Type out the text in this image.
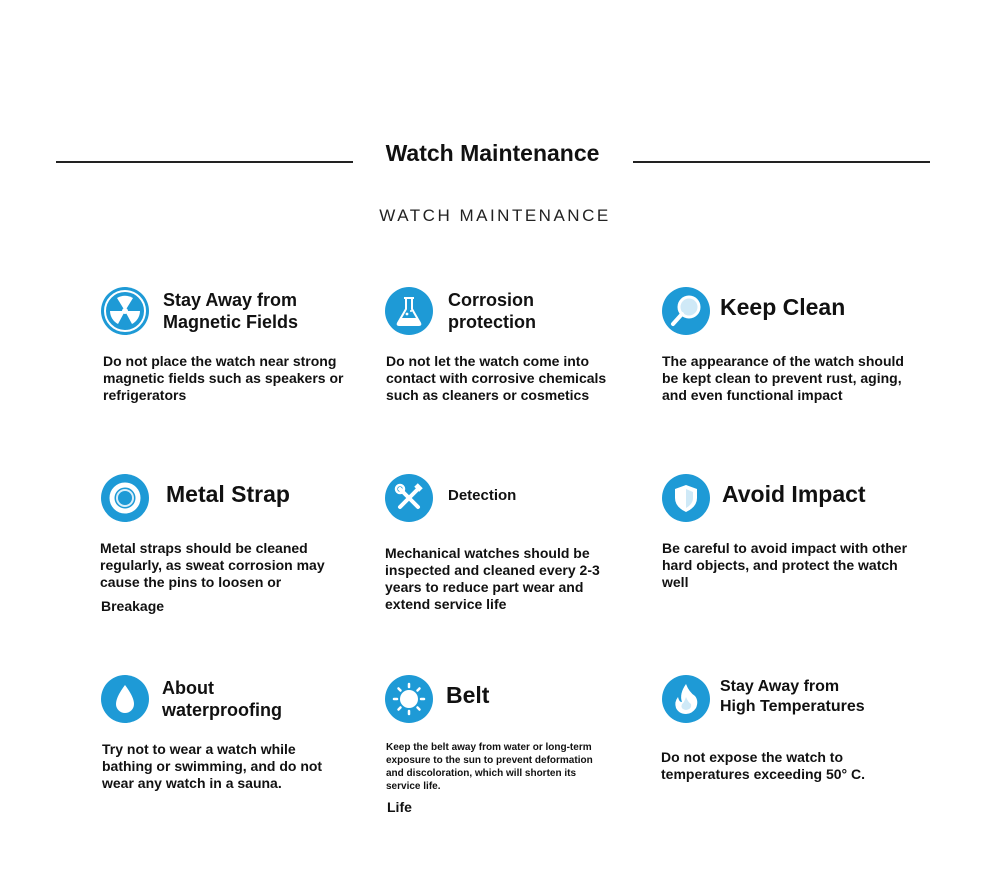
Watch Maintenance
WATCH MAINTENANCE
Stay Away from
Magnetic Fields
Do not place the watch near strong
magnetic fields such as speakers or
refrigerators
Corrosion
protection
Do not let the watch come into
contact with corrosive chemicals
such as cleaners or cosmetics
Keep Clean
The appearance of the watch should
be kept clean to prevent rust, aging,
and even functional impact
Metal Strap
Metal straps should be cleaned
regularly, as sweat corrosion may
cause the pins to loosen or
Breakage
Detection
Mechanical watches should be
inspected and cleaned every 2-3
years to reduce part wear and
extend service life
Avoid Impact
Be careful to avoid impact with other
hard objects, and protect the watch
well
About
waterproofing
Try not to wear a watch while
bathing or swimming, and do not
wear any watch in a sauna.
Belt
Keep the belt away from water or long-term
exposure to the sun to prevent deformation
and discoloration, which will shorten its
service life.
Life
Stay Away from
High Temperatures
Do not expose the watch to
temperatures exceeding 50° C.
